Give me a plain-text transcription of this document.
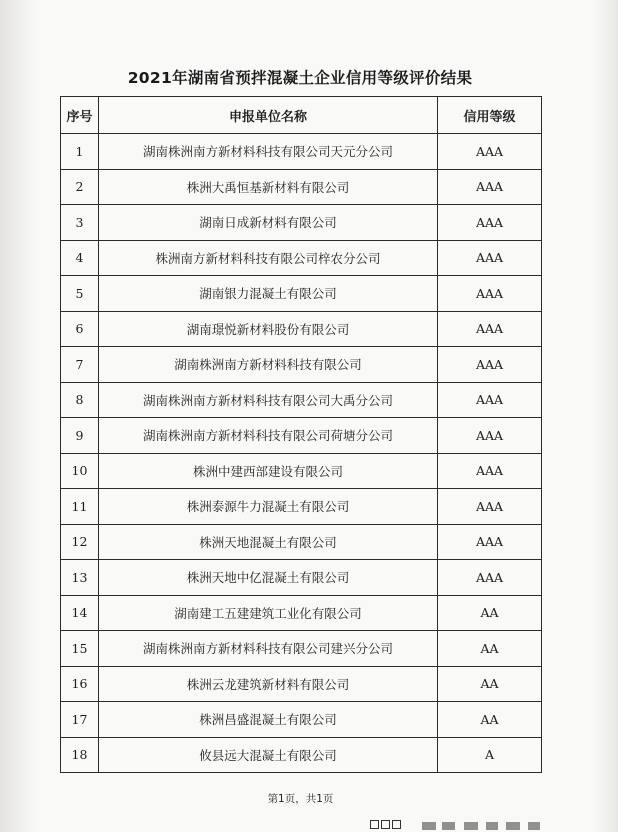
2021年湖南省预拌混凝土企业信用等级评价结果
序号	申报单位名称	信用等级
1	湖南株洲南方新材料科技有限公司天元分公司	AAA
2	株洲大禹恒基新材料有限公司	AAA
3	湖南日成新材料有限公司	AAA
4	株洲南方新材料科技有限公司梓农分公司	AAA
5	湖南银力混凝土有限公司	AAA
6	湖南璟悦新材料股份有限公司	AAA
7	湖南株洲南方新材料科技有限公司	AAA
8	湖南株洲南方新材料科技有限公司大禹分公司	AAA
9	湖南株洲南方新材料科技有限公司荷塘分公司	AAA
10	株洲中建西部建设有限公司	AAA
11	株洲泰源牛力混凝土有限公司	AAA
12	株洲天地混凝土有限公司	AAA
13	株洲天地中亿混凝土有限公司	AAA
14	湖南建工五建建筑工业化有限公司	AA
15	湖南株洲南方新材料科技有限公司建兴分公司	AA
16	株洲云龙建筑新材料有限公司	AA
17	株洲昌盛混凝土有限公司	AA
18	攸县远大混凝土有限公司	A
第1页，共1页
